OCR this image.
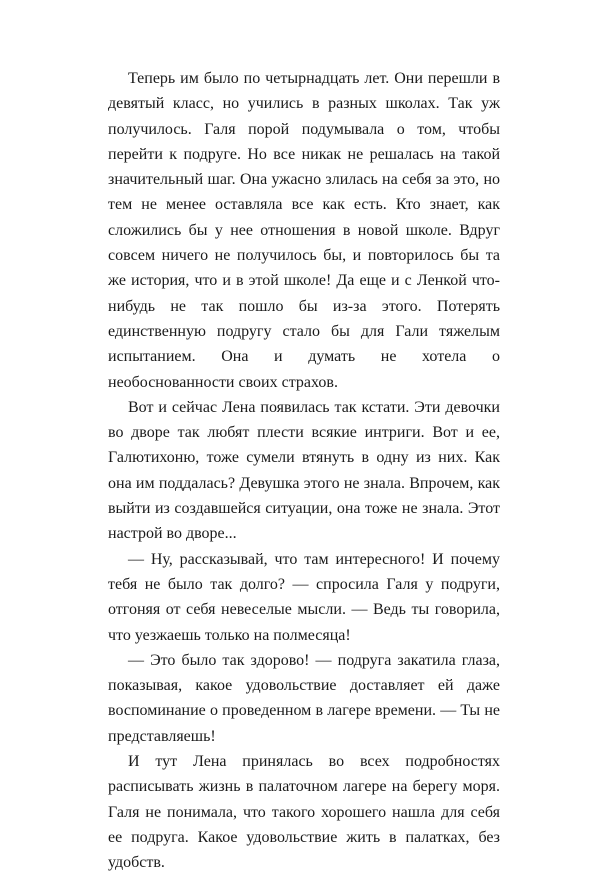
Теперь им было по четырнадцать лет. Они перешли в девятый класс, но учились в разных школах. Так уж получилось. Галя порой подумывала о том, чтобы перейти к подруге. Но все никак не решалась на такой значительный шаг. Она ужасно злилась на себя за это, но тем не менее оставляла все как есть. Кто знает, как сложились бы у нее отношения в новой школе. Вдруг совсем ничего не получилось бы, и повторилось бы та же история, что и в этой школе! Да еще и с Ленкой что-нибудь не так пошло бы из-за этого. Потерять единственную подругу стало бы для Гали тяжелым испытанием. Она и думать не хотела о необоснованности своих страхов.

Вот и сейчас Лена появилась так кстати. Эти девочки во дворе так любят плести всякие интриги. Вот и ее, Галютихоню, тоже сумели втянуть в одну из них. Как она им поддалась? Девушка этого не знала. Впрочем, как выйти из создавшейся ситуации, она тоже не знала. Этот настрой во дворе...

— Ну, рассказывай, что там интересного! И почему тебя не было так долго? — спросила Галя у подруги, отгоняя от себя невеселые мысли. — Ведь ты говорила, что уезжаешь только на полмесяца!

— Это было так здорово! — подруга закатила глаза, показывая, какое удовольствие доставляет ей даже воспоминание о проведенном в лагере времени. — Ты не представляешь!

И тут Лена принялась во всех подробностях расписывать жизнь в палаточном лагере на берегу моря. Галя не понимала, что такого хорошего нашла для себя ее подруга. Какое удовольствие жить в палатках, без удобств.
